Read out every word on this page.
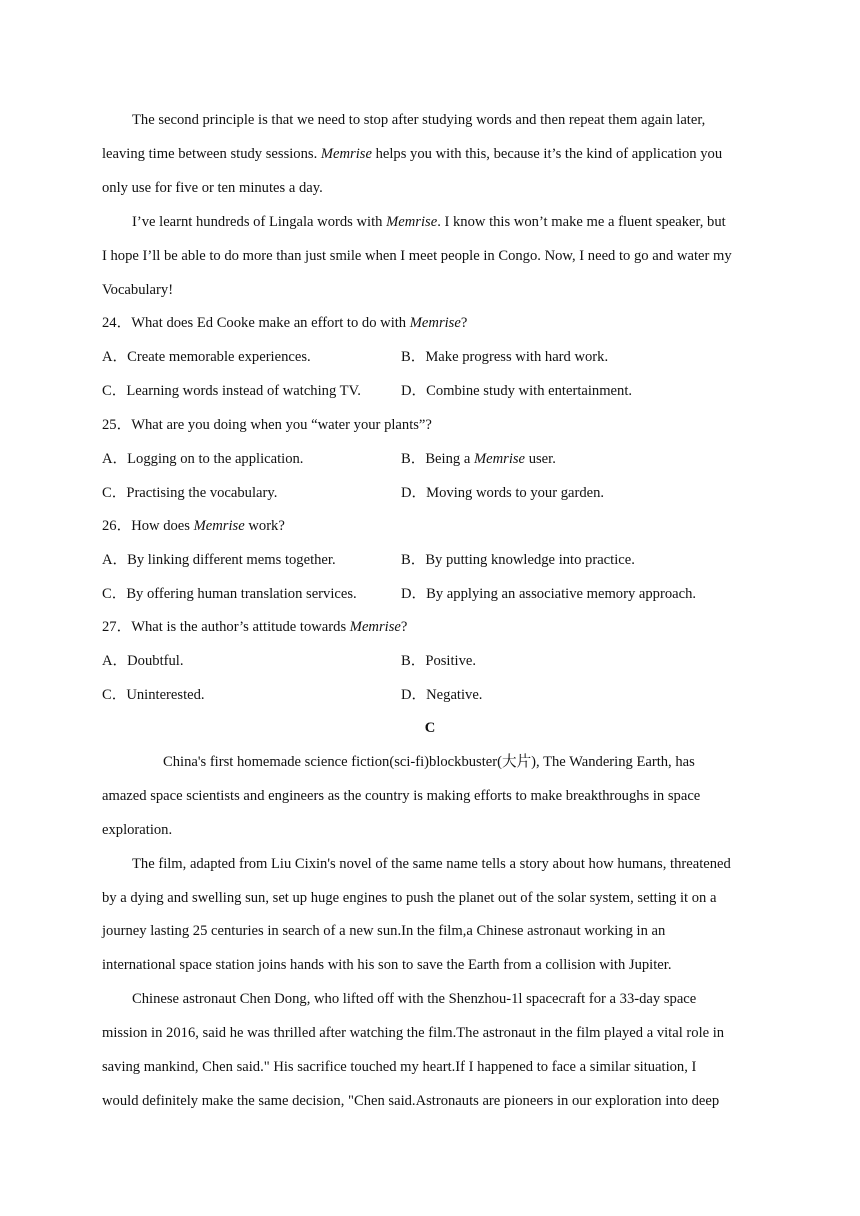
The second principle is that we need to stop after studying words and then repeat them again later,
leaving time between study sessions. Memrise helps you with this, because it’s the kind of application you
only use for five or ten minutes a day.
I’ve learnt hundreds of Lingala words with Memrise. I know this won’t make me a fluent speaker, but
I hope I’ll be able to do more than just smile when I meet people in Congo. Now, I need to go and water my
Vocabulary!
24．What does Ed Cooke make an effort to do with Memrise?
A．Create memorable experiences.	B．Make progress with hard work.
C．Learning words instead of watching TV.	D．Combine study with entertainment.
25．What are you doing when you “water your plants”?
A．Logging on to the application.	B．Being a Memrise user.
C．Practising the vocabulary.	D．Moving words to your garden.
26．How does Memrise work?
A．By linking different mems together.	B．By putting knowledge into practice.
C．By offering human translation services.	D．By applying an associative memory approach.
27．What is the author’s attitude towards Memrise?
A．Doubtful.	B．Positive.
C．Uninterested.	D．Negative.
C
China's first homemade science fiction(sci-fi)blockbuster(大片), The Wandering Earth, has
amazed space scientists and engineers as the country is making efforts to make breakthroughs in space
exploration.
The film, adapted from Liu Cixin's novel of the same name tells a story about how humans, threatened
by a dying and swelling sun, set up huge engines to push the planet out of the solar system, setting it on a
journey lasting 25 centuries in search of a new sun.In the film,a Chinese astronaut working in an
international space station joins hands with his son to save the Earth from a collision with Jupiter.
Chinese astronaut Chen Dong, who lifted off with the Shenzhou-1l spacecraft for a 33-day space
mission in 2016, said he was thrilled after watching the film.The astronaut in the film played a vital role in
saving mankind, Chen said." His sacrifice touched my heart.If I happened to face a similar situation, I
would definitely make the same decision, "Chen said.Astronauts are pioneers in our exploration into deep
